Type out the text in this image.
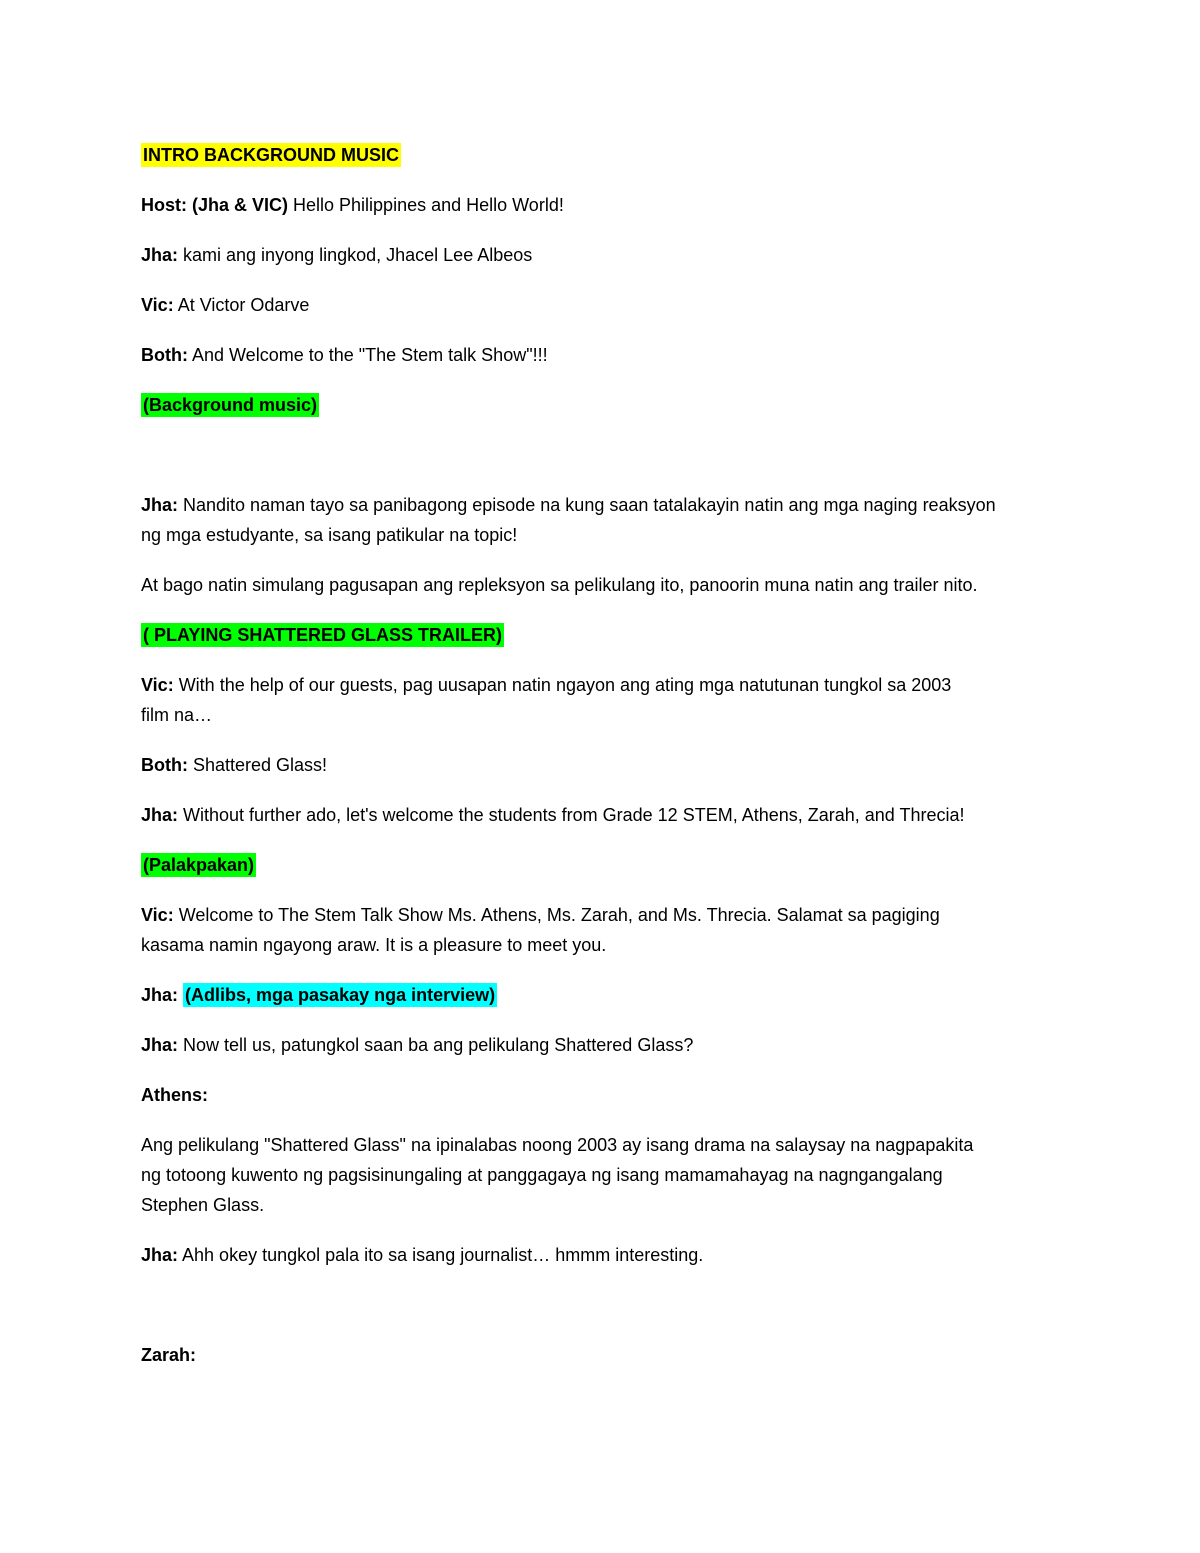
INTRO BACKGROUND MUSIC
Host: (Jha & VIC) Hello Philippines and Hello World!
Jha: kami ang inyong lingkod, Jhacel Lee Albeos
Vic: At Victor Odarve
Both: And Welcome to the "The Stem talk Show"!!!
(Background music)
Jha: Nandito naman tayo sa panibagong episode na kung saan tatalakayin natin ang mga naging reaksyon
ng mga estudyante, sa isang patikular na topic!
At bago natin simulang pagusapan ang repleksyon sa pelikulang ito, panoorin muna natin ang trailer nito.
( PLAYING SHATTERED GLASS TRAILER)
Vic: With the help of our guests, pag uusapan natin ngayon ang ating mga natutunan tungkol sa 2003
film na…
Both: Shattered Glass!
Jha: Without further ado, let's welcome the students from Grade 12 STEM, Athens, Zarah, and Threcia!
(Palakpakan)
Vic: Welcome to The Stem Talk Show Ms. Athens, Ms. Zarah, and Ms. Threcia. Salamat sa pagiging
kasama namin ngayong araw. It is a pleasure to meet you.
Jha: (Adlibs, mga pasakay nga interview)
Jha: Now tell us, patungkol saan ba ang pelikulang Shattered Glass?
Athens:
Ang pelikulang "Shattered Glass" na ipinalabas noong 2003 ay isang drama na salaysay na nagpapakita
ng totoong kuwento ng pagsisinungaling at panggagaya ng isang mamamahayag na nagngangalang
Stephen Glass.
Jha: Ahh okey tungkol pala ito sa isang journalist… hmmm interesting.
Zarah:
